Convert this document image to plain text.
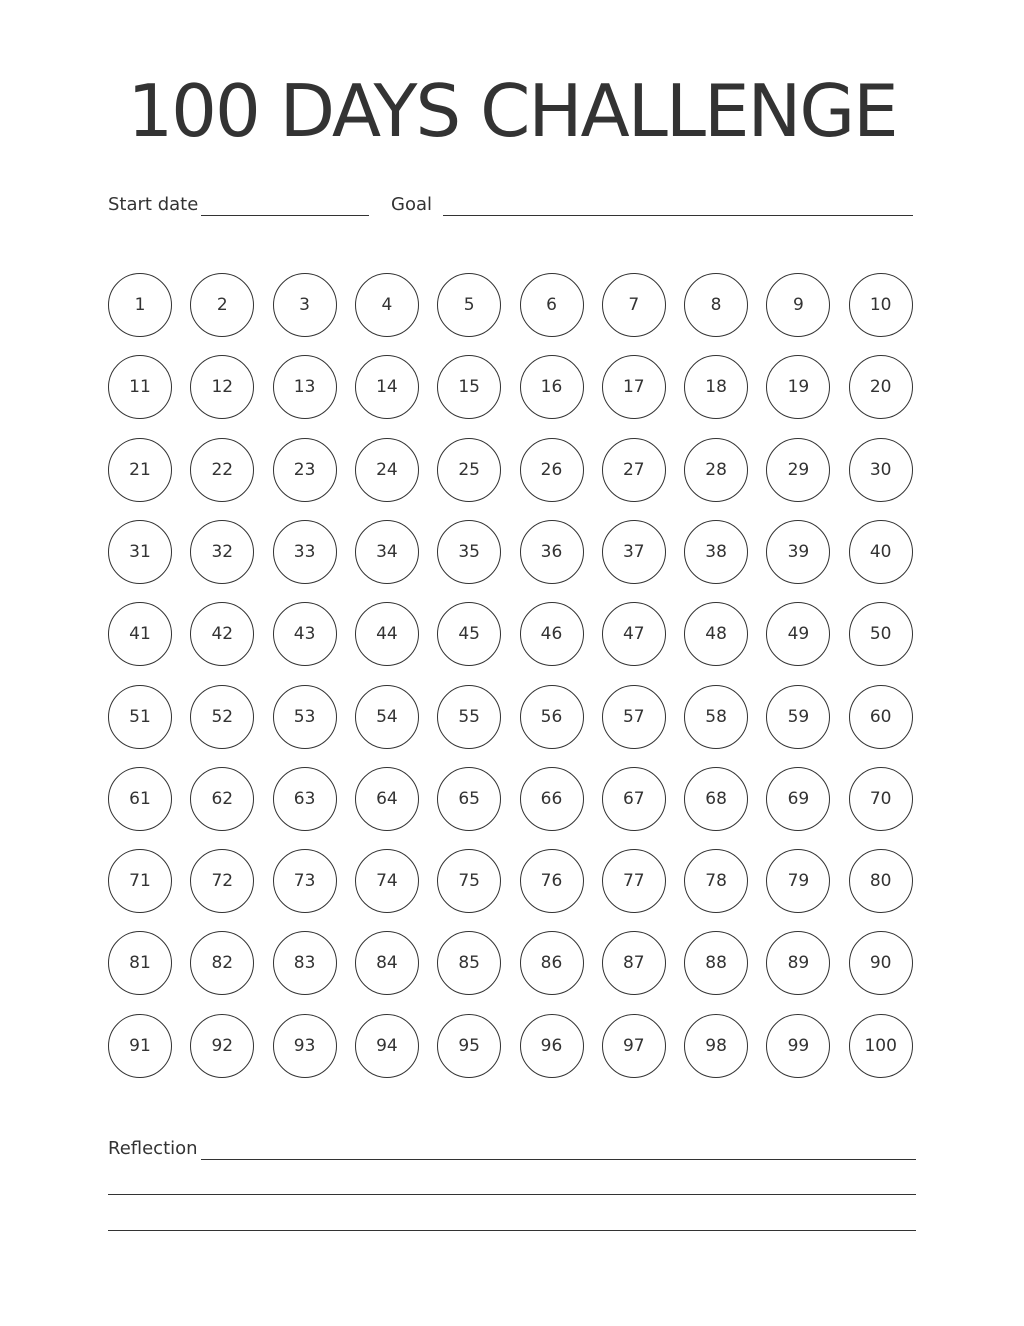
100 DAYS CHALLENGE
Start date	Goal
1	2	3	4	5	6	7	8	9	10
11	12	13	14	15	16	17	18	19	20
21	22	23	24	25	26	27	28	29	30
31	32	33	34	35	36	37	38	39	40
41	42	43	44	45	46	47	48	49	50
51	52	53	54	55	56	57	58	59	60
61	62	63	64	65	66	67	68	69	70
71	72	73	74	75	76	77	78	79	80
81	82	83	84	85	86	87	88	89	90
91	92	93	94	95	96	97	98	99	100
Reflection
